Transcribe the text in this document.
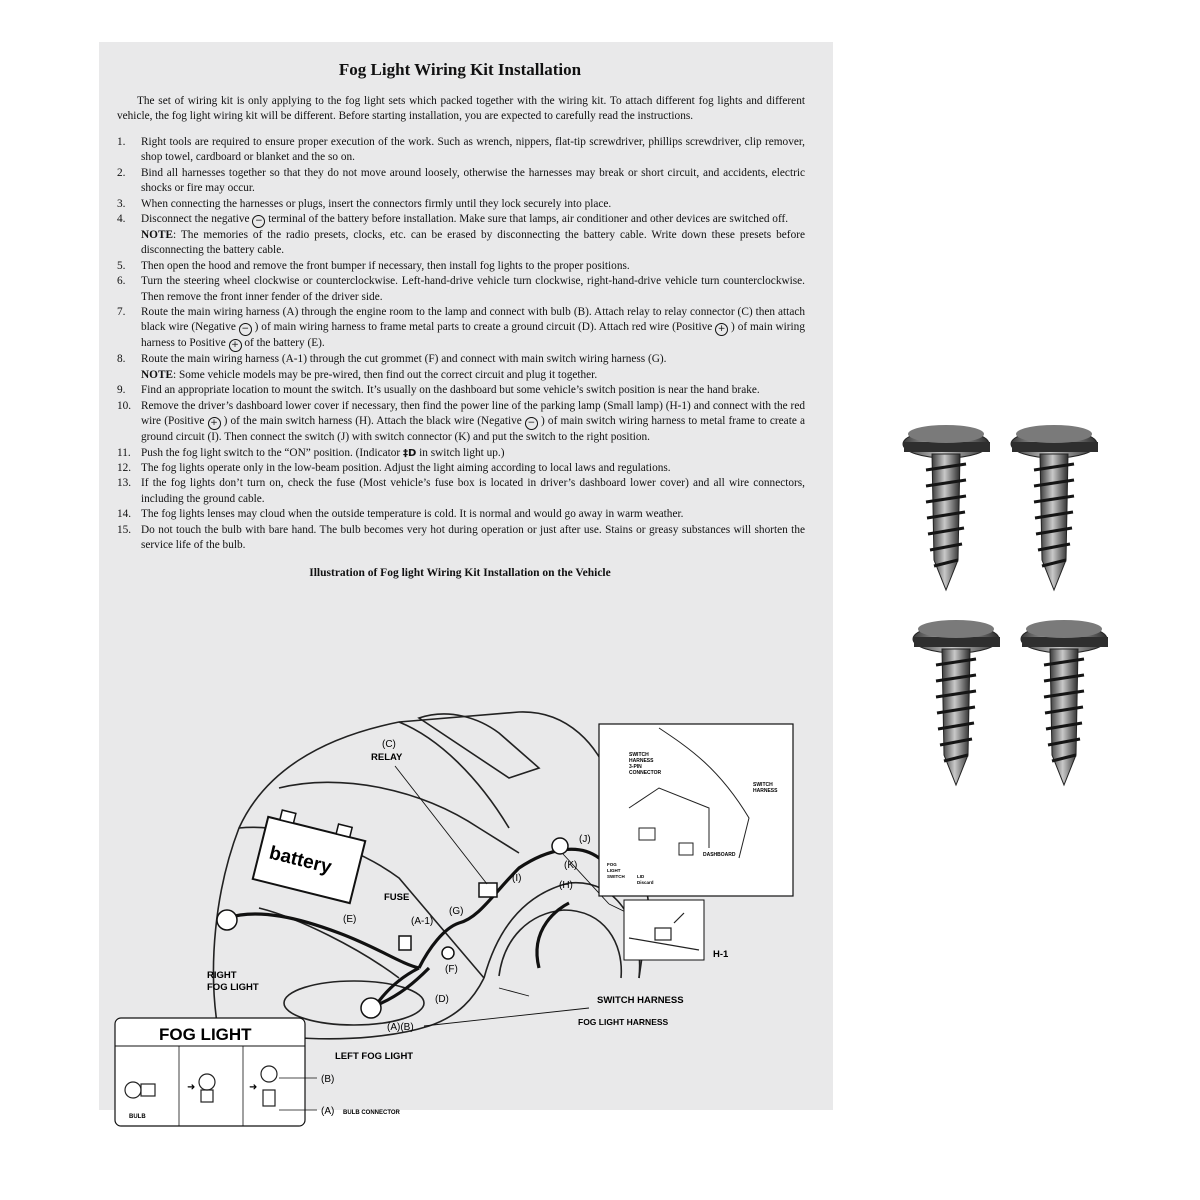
Fog Light Wiring Kit Installation

The set of wiring kit is only applying to the fog light sets which packed together with the wiring kit. To attach different fog lights and different vehicle, the fog light wiring kit will be different. Before starting installation, you are expected to carefully read the instructions.

1.	Right tools are required to ensure proper execution of the work. Such as wrench, nippers, flat-tip screwdriver, phillips screwdriver, clip remover, shop towel, cardboard or blanket and the so on.
2.	Bind all harnesses together so that they do not move around loosely, otherwise the harnesses may break or short circuit, and accidents, electric shocks or fire may occur.
3.	When connecting the harnesses or plugs, insert the connectors firmly until they lock securely into place.
4.	Disconnect the negative − terminal of the battery before installation. Make sure that lamps, air conditioner and other devices are switched off.
NOTE: The memories of the radio presets, clocks, etc. can be erased by disconnecting the battery cable. Write down these presets before disconnecting the battery cable.
5.	Then open the hood and remove the front bumper if necessary, then install fog lights to the proper positions.
6.	Turn the steering wheel clockwise or counterclockwise. Left-hand-drive vehicle turn clockwise, right-hand-drive vehicle turn counterclockwise. Then remove the front inner fender of the driver side.
7.	Route the main wiring harness (A) through the engine room to the lamp and connect with bulb (B). Attach relay to relay connector (C) then attach black wire (Negative − ) of main wiring harness to frame metal parts to create a ground circuit (D). Attach red wire (Positive + ) of main wiring harness to Positive + of the battery (E).
8.	Route the main wiring harness (A-1) through the cut grommet (F) and connect with main switch wiring harness (G).
NOTE: Some vehicle models may be pre-wired, then find out the correct circuit and plug it together.
9.	Find an appropriate location to mount the switch. It’s usually on the dashboard but some vehicle’s switch position is near the hand brake.
10. Remove the driver’s dashboard lower cover if necessary, then find the power line of the parking lamp (Small lamp) (H-1) and connect with the red wire (Positive + ) of the main switch harness (H). Attach the black wire (Negative − ) of main switch wiring harness to metal frame to create a ground circuit (I). Then connect the switch (J) with switch connector (K) and put the switch to the right position.
11. Push the fog light switch to the “ON” position. (Indicator ‡D in switch light up.)
12. The fog lights operate only in the low-beam position. Adjust the light aiming according to local laws and regulations.
13. If the fog lights don’t turn on, check the fuse (Most vehicle’s fuse box is located in driver’s dashboard lower cover) and all wire connectors, including the ground cable.
14. The fog lights lenses may cloud when the outside temperature is cold. It is normal and would go away in warm weather.
15. Do not touch the bulb with bare hand. The bulb becomes very hot during operation or just after use. Stains or greasy substances will shorten the service life of the bulb.
Illustration of Fog light Wiring Kit Installation on the Vehicle
battery
(C)
RELAY
FUSE
(E)	(A-1)
(G)
(I)
(J)
(K)
(H)
(F)
(D)
(A)(B)
RIGHT
FOG LIGHT
LEFT FOG LIGHT
SWITCH HARNESS
FOG LIGHT HARNESS
SWITCH
HARNESS
3-PIN
CONNECTOR
SWITCH
HARNESS
DASHBOARD
FOG
LIGHT
SWITCH	LID
Discard
H-1
FOG LIGHT
➜	➜
BULB
(B)
(A) BULB CONNECTOR
